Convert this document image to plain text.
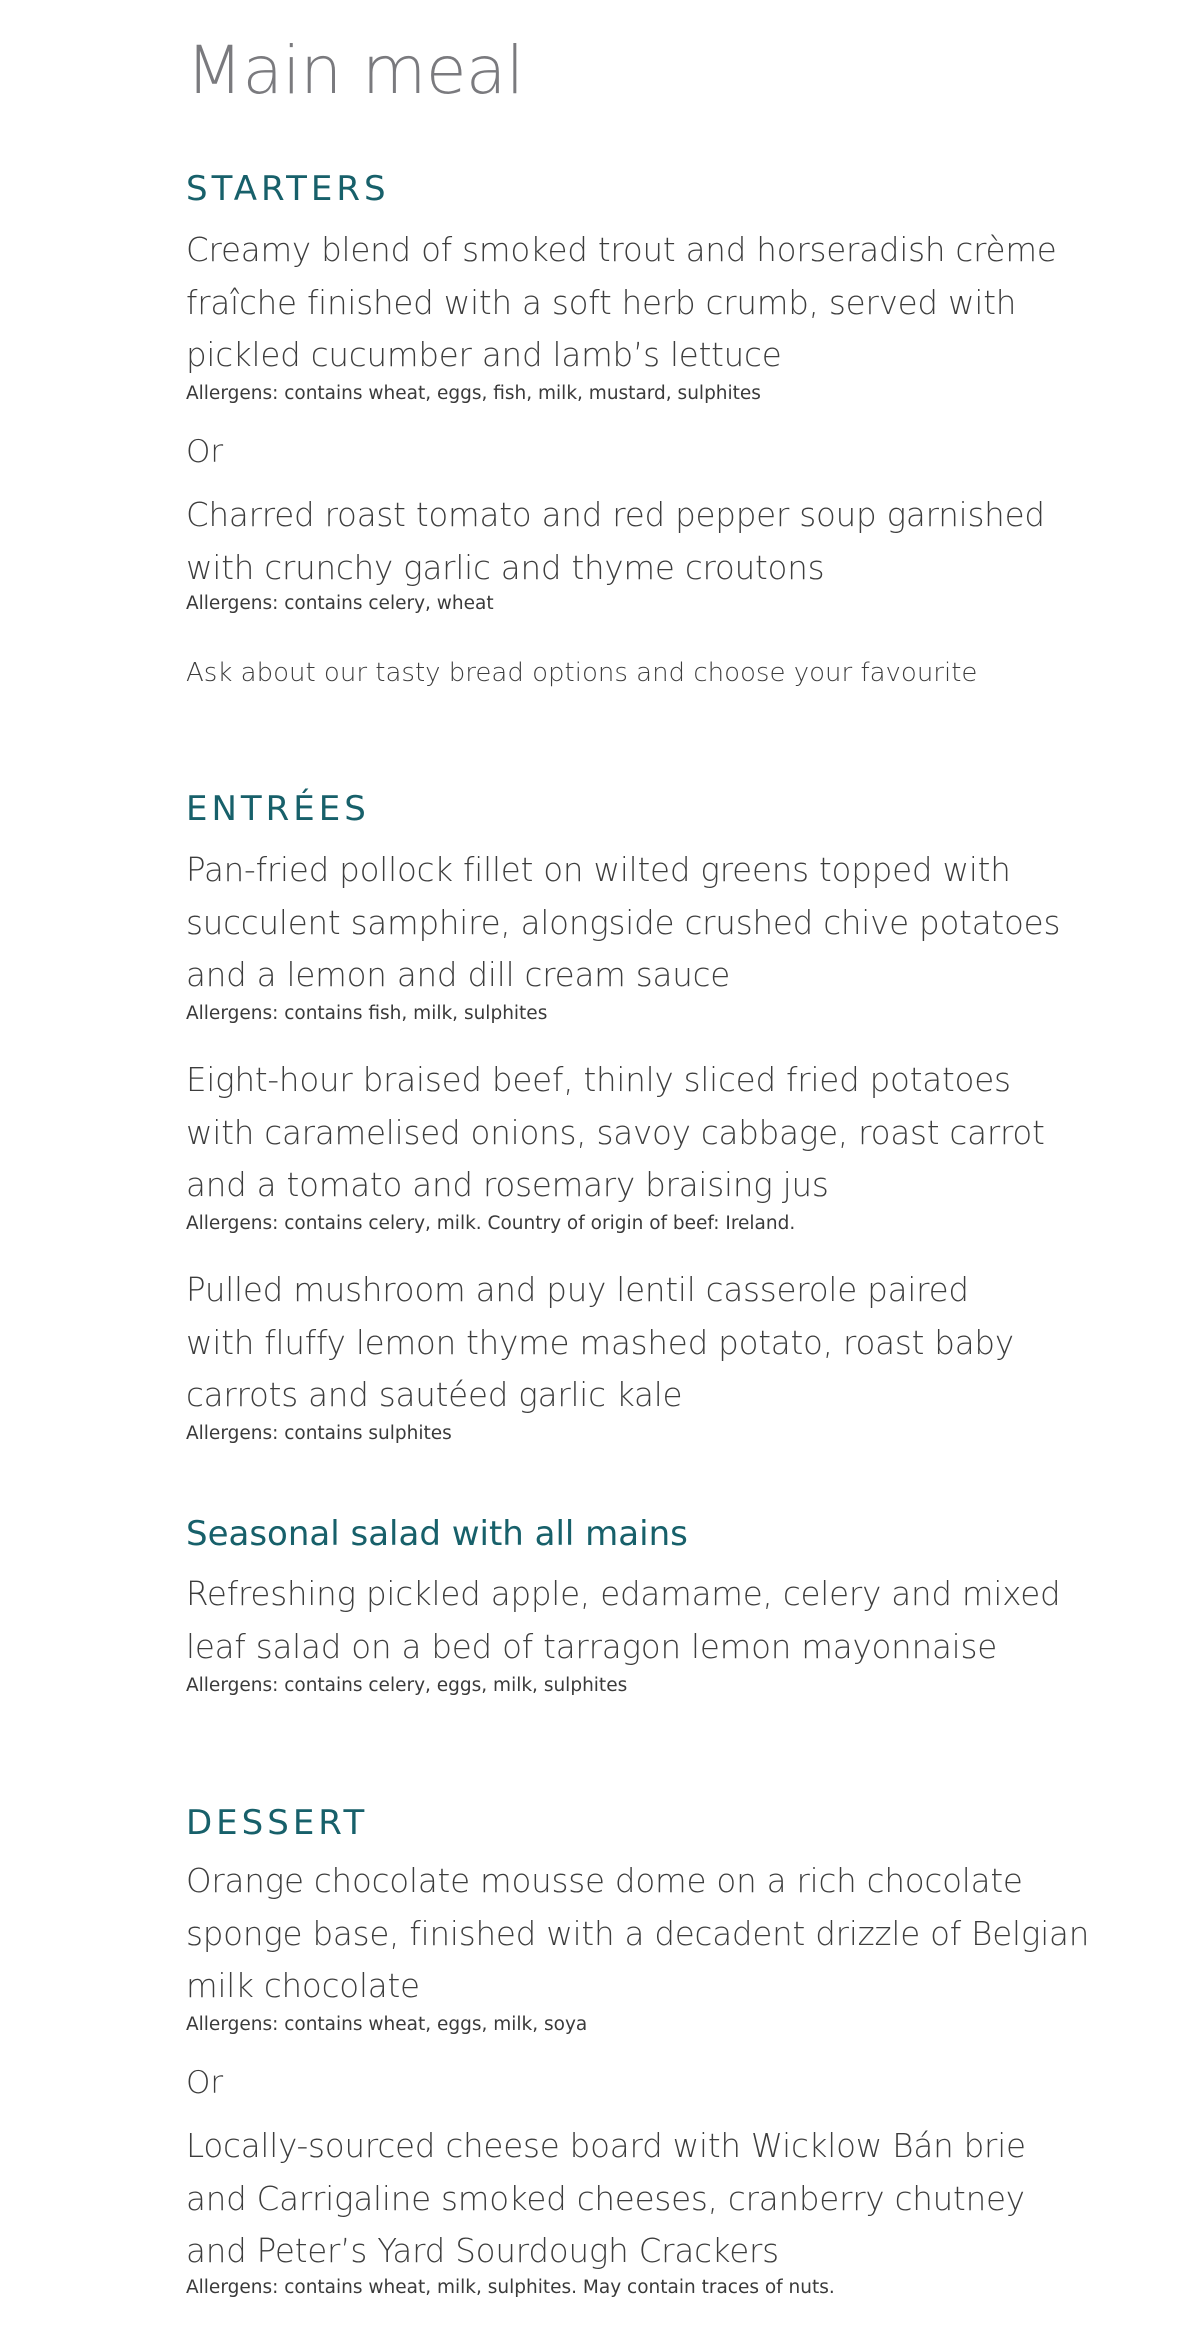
Main meal
STARTERS

Creamy blend of smoked trout and horseradish crème

fraîche finished with a soft herb crumb, served with

pickled cucumber and lamb’s lettuce

Allergens: contains wheat, eggs, fish, milk, mustard, sulphites

Or

Charred roast tomato and red pepper soup garnished

with crunchy garlic and thyme croutons

Allergens: contains celery, wheat

Ask about our tasty bread options and choose your favourite

ENTRÉES

Pan-fried pollock fillet on wilted greens topped with

succulent samphire, alongside crushed chive potatoes

and a lemon and dill cream sauce

Allergens: contains fish, milk, sulphites

Eight-hour braised beef, thinly sliced fried potatoes

with caramelised onions, savoy cabbage, roast carrot

and a tomato and rosemary braising jus

Allergens: contains celery, milk. Country of origin of beef: Ireland.

Pulled mushroom and puy lentil casserole paired

with fluffy lemon thyme mashed potato, roast baby

carrots and sautéed garlic kale

Allergens: contains sulphites

Seasonal salad with all mains

Refreshing pickled apple, edamame, celery and mixed

leaf salad on a bed of tarragon lemon mayonnaise

Allergens: contains celery, eggs, milk, sulphites

DESSERT

Orange chocolate mousse dome on a rich chocolate

sponge base, finished with a decadent drizzle of Belgian

milk chocolate

Allergens: contains wheat, eggs, milk, soya

Or

Locally-sourced cheese board with Wicklow Bán brie

and Carrigaline smoked cheeses, cranberry chutney

and Peter’s Yard Sourdough Crackers

Allergens: contains wheat, milk, sulphites. May contain traces of nuts.
